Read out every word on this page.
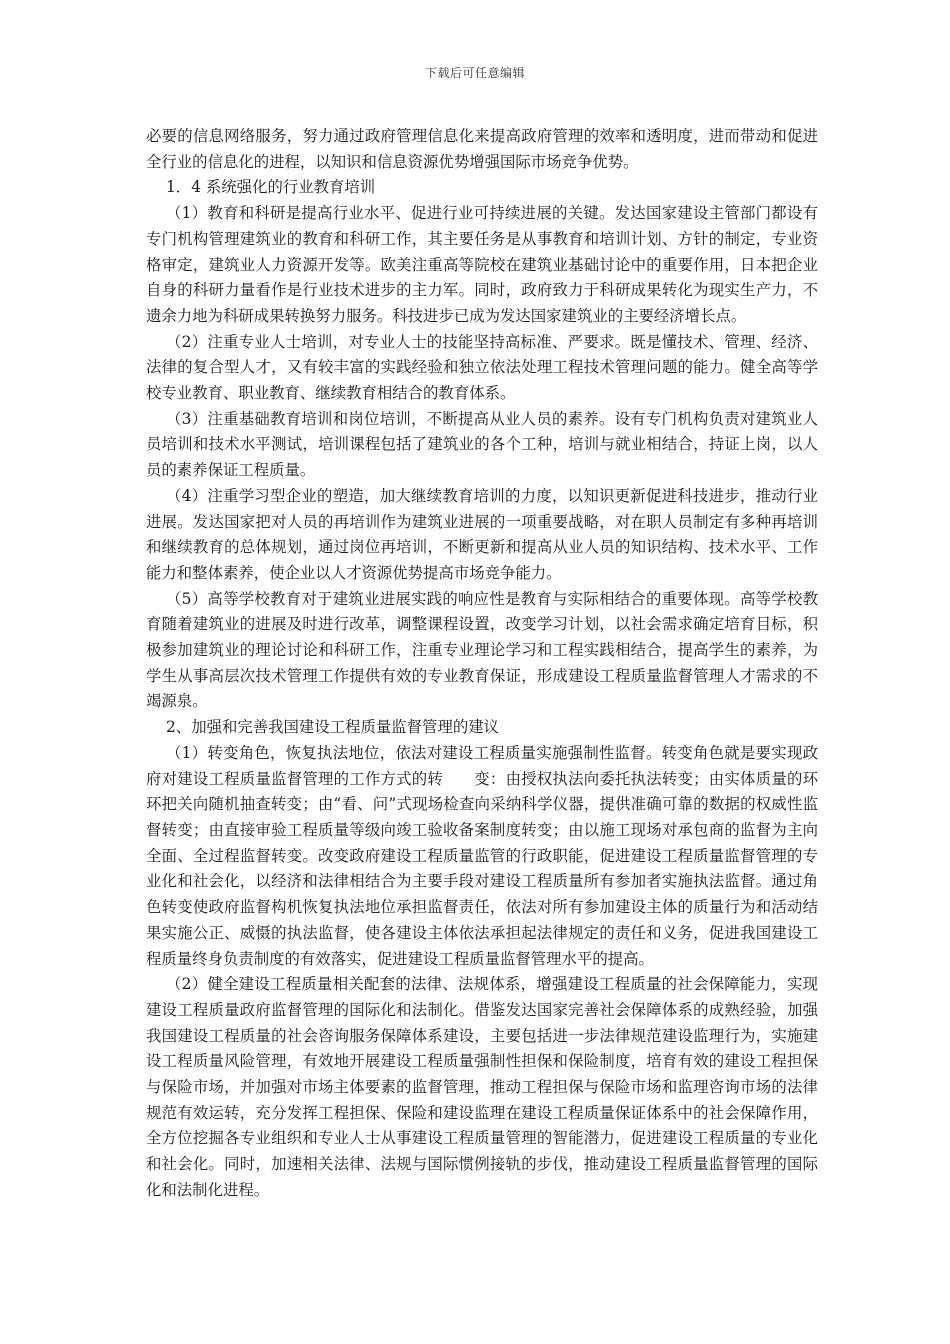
下载后可任意编辑

必要的信息网络服务，努力通过政府管理信息化来提高政府管理的效率和透明度，进而带动和促进全行业的信息化的进程，以知识和信息资源优势增强国际市场竞争优势。

1．4 系统强化的行业教育培训

（1）教育和科研是提高行业水平、促进行业可持续进展的关键。发达国家建设主管部门都设有专门机构管理建筑业的教育和科研工作，其主要任务是从事教育和培训计划、方针的制定，专业资格审定，建筑业人力资源开发等。欧美注重高等院校在建筑业基础讨论中的重要作用，日本把企业自身的科研力量看作是行业技术进步的主力军。同时，政府致力于科研成果转化为现实生产力，不遗余力地为科研成果转换努力服务。科技进步已成为发达国家建筑业的主要经济增长点。

（2）注重专业人士培训，对专业人士的技能坚持高标准、严要求。既是懂技术、管理、经济、法律的复合型人才，又有较丰富的实践经验和独立依法处理工程技术管理问题的能力。健全高等学校专业教育、职业教育、继续教育相结合的教育体系。

（3）注重基础教育培训和岗位培训，不断提高从业人员的素养。设有专门机构负责对建筑业人员培训和技术水平测试，培训课程包括了建筑业的各个工种，培训与就业相结合，持证上岗，以人员的素养保证工程质量。

（4）注重学习型企业的塑造，加大继续教育培训的力度，以知识更新促进科技进步，推动行业进展。发达国家把对人员的再培训作为建筑业进展的一项重要战略，对在职人员制定有多种再培训和继续教育的总体规划，通过岗位再培训，不断更新和提高从业人员的知识结构、技术水平、工作能力和整体素养，使企业以人才资源优势提高市场竞争能力。

（5）高等学校教育对于建筑业进展实践的响应性是教育与实际相结合的重要体现。高等学校教育随着建筑业的进展及时进行改革，调整课程设置，改变学习计划，以社会需求确定培育目标，积极参加建筑业的理论讨论和科研工作，注重专业理论学习和工程实践相结合，提高学生的素养，为学生从事高层次技术管理工作提供有效的专业教育保证，形成建设工程质量监督管理人才需求的不竭源泉。

2、加强和完善我国建设工程质量监督管理的建议

（1）转变角色，恢复执法地位，依法对建设工程质量实施强制性监督。转变角色就是要实现政府对建设工程质量监督管理的工作方式的转　　变：由授权执法向委托执法转变；由实体质量的环环把关向随机抽查转变；由“看、问”式现场检查向采纳科学仪器，提供准确可靠的数据的权威性监督转变；由直接审验工程质量等级向竣工验收备案制度转变；由以施工现场对承包商的监督为主向全面、全过程监督转变。改变政府建设工程质量监管的行政职能，促进建设工程质量监督管理的专业化和社会化，以经济和法律相结合为主要手段对建设工程质量所有参加者实施执法监督。通过角色转变使政府监督构机恢复执法地位承担监督责任，依法对所有参加建设主体的质量行为和活动结果实施公正、威慑的执法监督，使各建设主体依法承担起法律规定的责任和义务，促进我国建设工程质量终身负责制度的有效落实，促进建设工程质量监督管理水平的提高。

（2）健全建设工程质量相关配套的法律、法规体系，增强建设工程质量的社会保障能力，实现建设工程质量政府监督管理的国际化和法制化。借鉴发达国家完善社会保障体系的成熟经验，加强我国建设工程质量的社会咨询服务保障体系建设，主要包括进一步法律规范建设监理行为，实施建设工程质量风险管理，有效地开展建设工程质量强制性担保和保险制度，培育有效的建设工程担保与保险市场，并加强对市场主体要素的监督管理，推动工程担保与保险市场和监理咨询市场的法律规范有效运转，充分发挥工程担保、保险和建设监理在建设工程质量保证体系中的社会保障作用，全方位挖掘各专业组织和专业人士从事建设工程质量管理的智能潜力，促进建设工程质量的专业化和社会化。同时，加速相关法律、法规与国际惯例接轨的步伐，推动建设工程质量监督管理的国际化和法制化进程。
